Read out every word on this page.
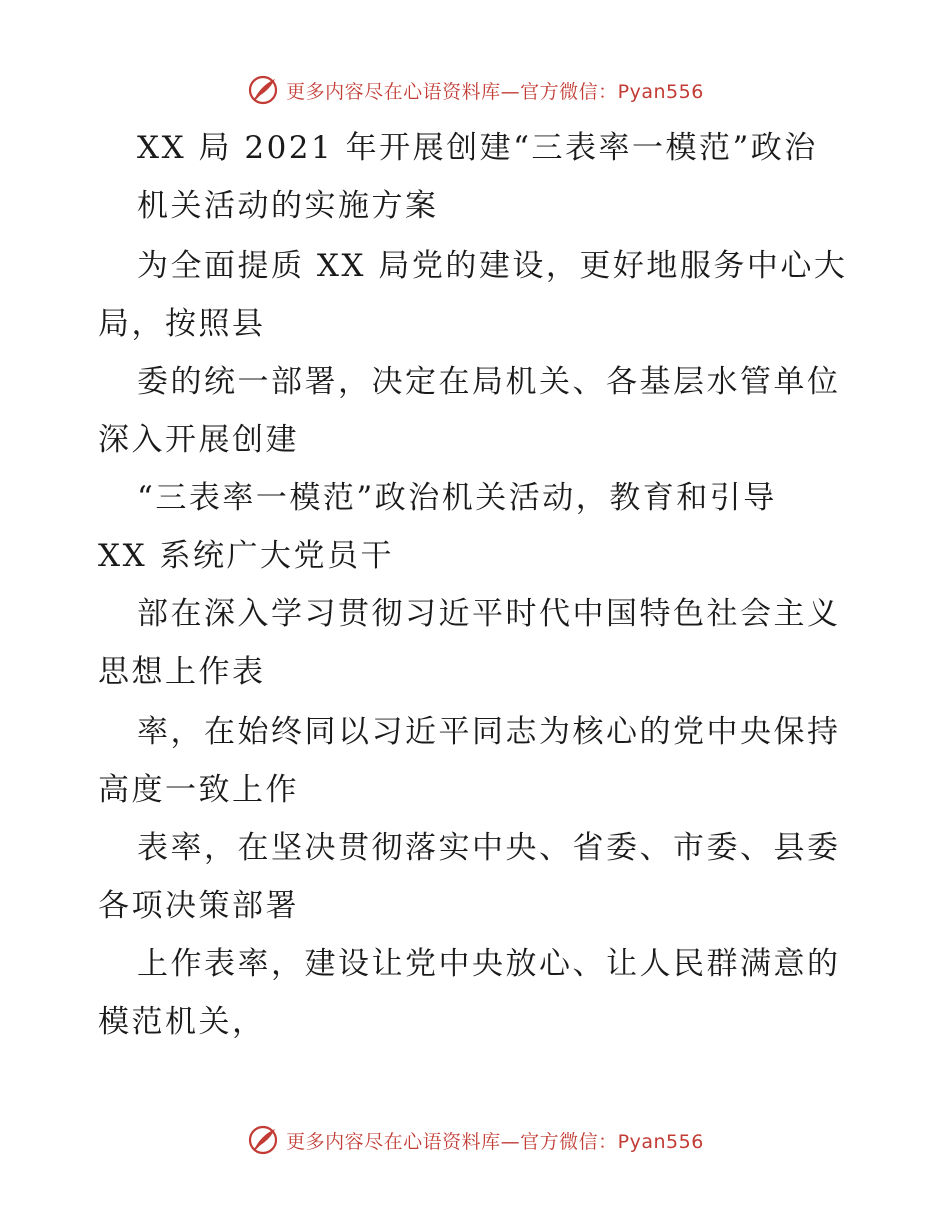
更多内容尽在心语资料库—官方微信：Pyan556
XX 局 2021 年开展创建“三表率一模范”政治
机关活动的实施方案
为全面提质 XX 局党的建设，更好地服务中心大
局，按照县
委的统一部署，决定在局机关、各基层水管单位
深入开展创建
“三表率一模范”政治机关活动，教育和引导
XX 系统广大党员干
部在深入学习贯彻习近平时代中国特色社会主义
思想上作表
率，在始终同以习近平同志为核心的党中央保持
高度一致上作
表率，在坚决贯彻落实中央、省委、市委、县委
各项决策部署
上作表率，建设让党中央放心、让人民群满意的
模范机关，
更多内容尽在心语资料库—官方微信：Pyan556
